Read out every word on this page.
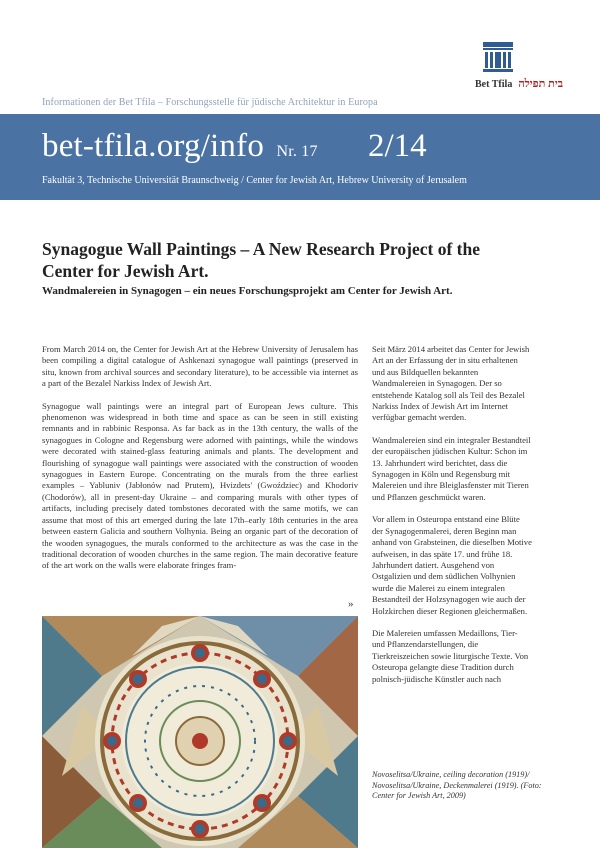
Bet Tfila בית תפילה
Informationen der Bet Tfila – Forschungsstelle für jüdische Architektur in Europa
bet-tfila.org/info Nr. 17 2/14
Fakultät 3, Technische Universität Braunschweig / Center for Jewish Art, Hebrew University of Jerusalem
Synagogue Wall Paintings – A New Research Project of the Center for Jewish Art.
Wandmalereien in Synagogen – ein neues Forschungsprojekt am Center for Jewish Art.

From March 2014 on, the Center for Jewish Art at the Hebrew University of Jerusalem has been compiling a digital catalogue of Ashkenazi synagogue wall paintings (preserved in situ, known from archival sources and secondary literature), to be accessible via internet as a part of the Bezalel Narkiss Index of Jewish Art.

Synagogue wall paintings were an integral part of European Jews culture. This phenomenon was widespread in both time and space as can be seen in still existing remnants and in rabbinic Responsa. As far back as in the 13th century, the walls of the synagogues in Cologne and Regensburg were adorned with paintings, while the windows were decorated with stained-glass featuring animals and plants. The development and flourishing of synagogue wall paintings were associated with the construction of wooden synagogues in Eastern Europe. Concentrating on the murals from the three earliest examples – Yabluniv (Jabłonów nad Prutem), Hvizdets' (Gwoździec) and Khodoriv (Chodorów), all in present-day Ukraine – and comparing murals with other types of artifacts, including precisely dated tombstones decorated with the same motifs, we can assume that most of this art emerged during the late 17th–early 18th centuries in the area between eastern Galicia and southern Volhynia. Being an organic part of the decoration of the wooden synagogues, the murals conformed to the architecture as was the case in the traditional decoration of wooden churches in the same region. The main decorative feature of the art work on the walls were elaborate fringes fram-

»

Seit März 2014 arbeitet das Center for Jewish Art an der Erfassung der in situ erhaltenen und aus Bildquellen bekannten Wandmalereien in Synagogen. Der so entstehende Katalog soll als Teil des Bezalel Narkiss Index of Jewish Art im Internet verfügbar gemacht werden.

Wandmalereien sind ein integraler Bestandteil der europäischen jüdischen Kultur: Schon im 13. Jahrhundert wird berichtet, dass die Synagogen in Köln und Regensburg mit Malereien und ihre Bleiglasfenster mit Tieren und Pflanzen geschmückt waren.

Vor allem in Osteuropa entstand eine Blüte der Synagogenmalerei, deren Beginn man anhand von Grabsteinen, die dieselben Motive aufweisen, in das späte 17. und frühe 18. Jahrhundert datiert. Ausgehend von Ostgalizien und dem südlichen Volhynien wurde die Malerei zu einem integralen Bestandteil der Holzsynagogen wie auch der Holzkirchen dieser Regionen gleichermaßen.

Die Malereien umfassen Medaillons, Tier- und Pflanzendarstellungen, die Tierkreiszeichen sowie liturgische Texte. Von Osteuropa gelangte diese Tradition durch polnisch-jüdische Künstler auch nach

Novoselitsa/Ukraine, ceiling decoration (1919)/ Novoselitsa/Ukraine, Deckenmalerei (1919). (Foto: Center for Jewish Art, 2009)
